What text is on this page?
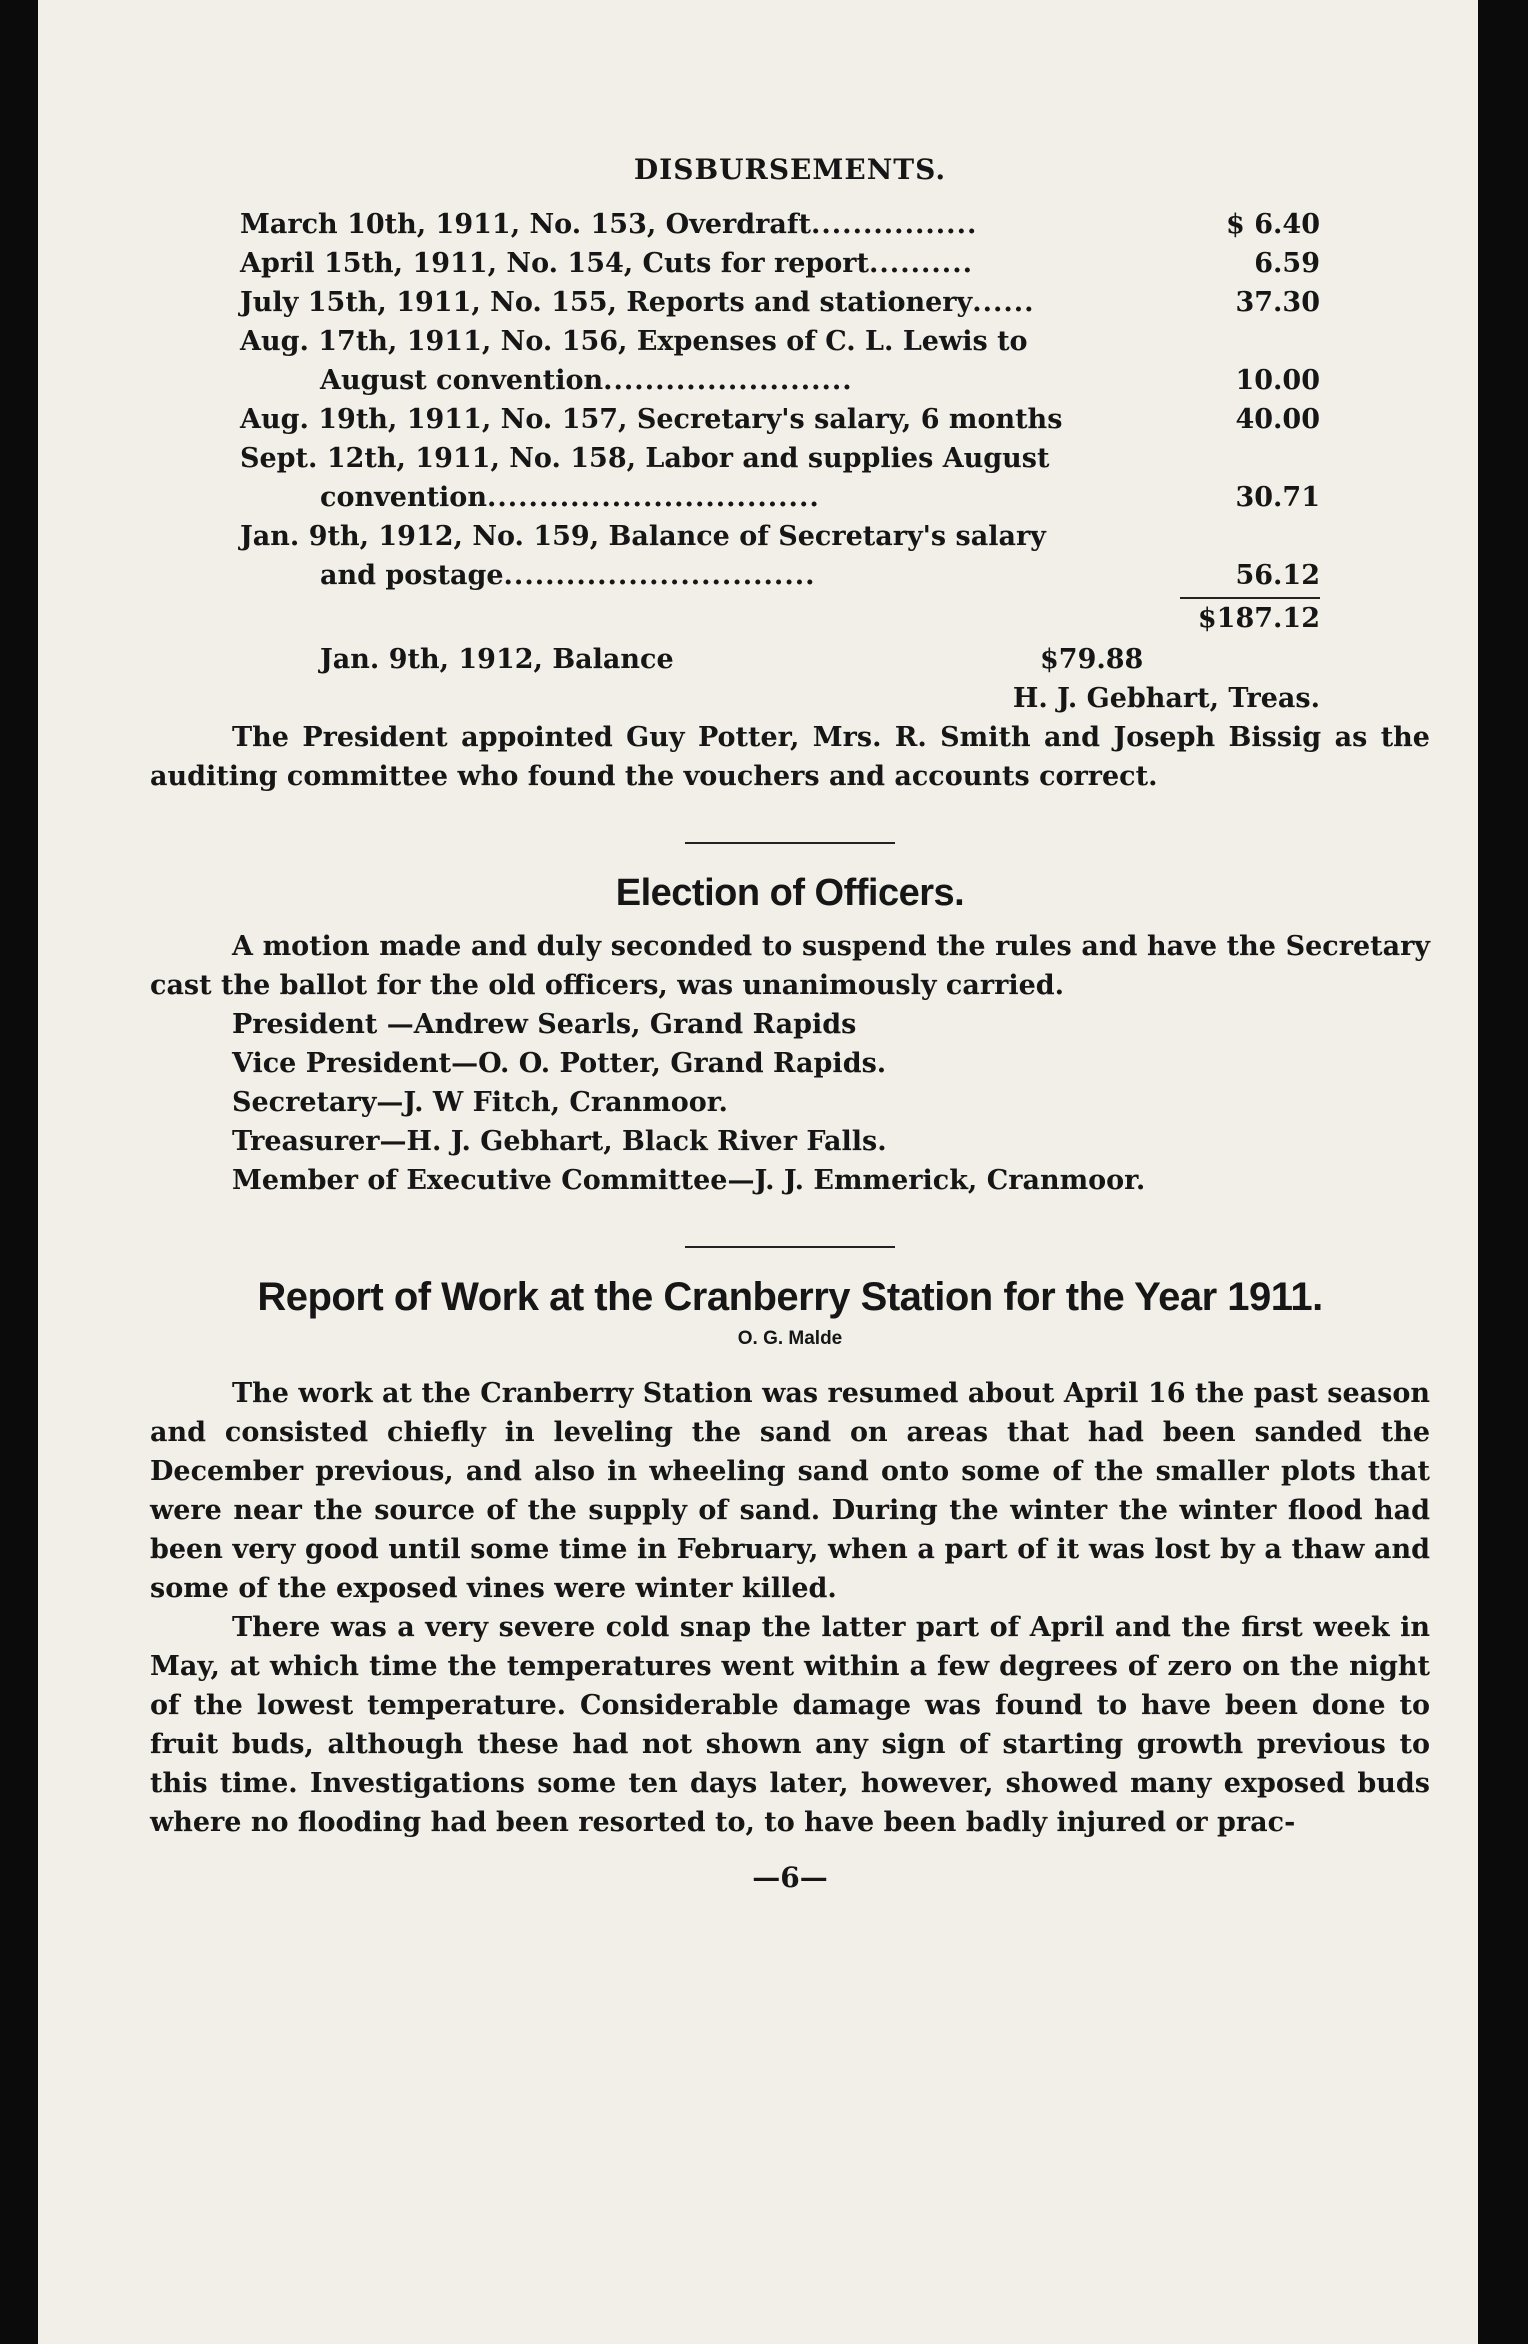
DISBURSEMENTS.
March 10th, 1911, No. 153, Overdraft................	$ 6.40
April 15th, 1911, No. 154, Cuts for report..........	6.59
July 15th, 1911, No. 155, Reports and stationery......	37.30
Aug. 17th, 1911, No. 156, Expenses of C. L. Lewis to
August convention........................	10.00
Aug. 19th, 1911, No. 157, Secretary's salary, 6 months	40.00
Sept. 12th, 1911, No. 158, Labor and supplies August
convention................................	30.71
Jan. 9th, 1912, No. 159, Balance of Secretary's salary
and postage..............................	56.12
$187.12
Jan. 9th, 1912, Balance	$79.88
H. J. Gebhart, Treas.

The President appointed Guy Potter, Mrs. R. Smith and Joseph Bissig as the auditing committee who found the vouchers and accounts correct.

Election of Officers.

A motion made and duly seconded to suspend the rules and have the Secretary cast the ballot for the old officers, was unanimously carried.

President —Andrew Searls, Grand Rapids
Vice President—O. O. Potter, Grand Rapids.
Secretary—J. W Fitch, Cranmoor.
Treasurer—H. J. Gebhart, Black River Falls.
Member of Executive Committee—J. J. Emmerick, Cranmoor.
Report of Work at the Cranberry Station for the Year 1911.
O. G. Malde

The work at the Cranberry Station was resumed about April 16 the past season and consisted chiefly in leveling the sand on areas that had been sanded the December previous, and also in wheeling sand onto some of the smaller plots that were near the source of the supply of sand. During the winter the winter flood had been very good until some time in February, when a part of it was lost by a thaw and some of the exposed vines were winter killed.

There was a very severe cold snap the latter part of April and the first week in May, at which time the temperatures went within a few degrees of zero on the night of the lowest temperature. Considerable damage was found to have been done to fruit buds, although these had not shown any sign of starting growth previous to this time. Investigations some ten days later, however, showed many exposed buds where no flooding had been resorted to, to have been badly injured or prac-

—6—
